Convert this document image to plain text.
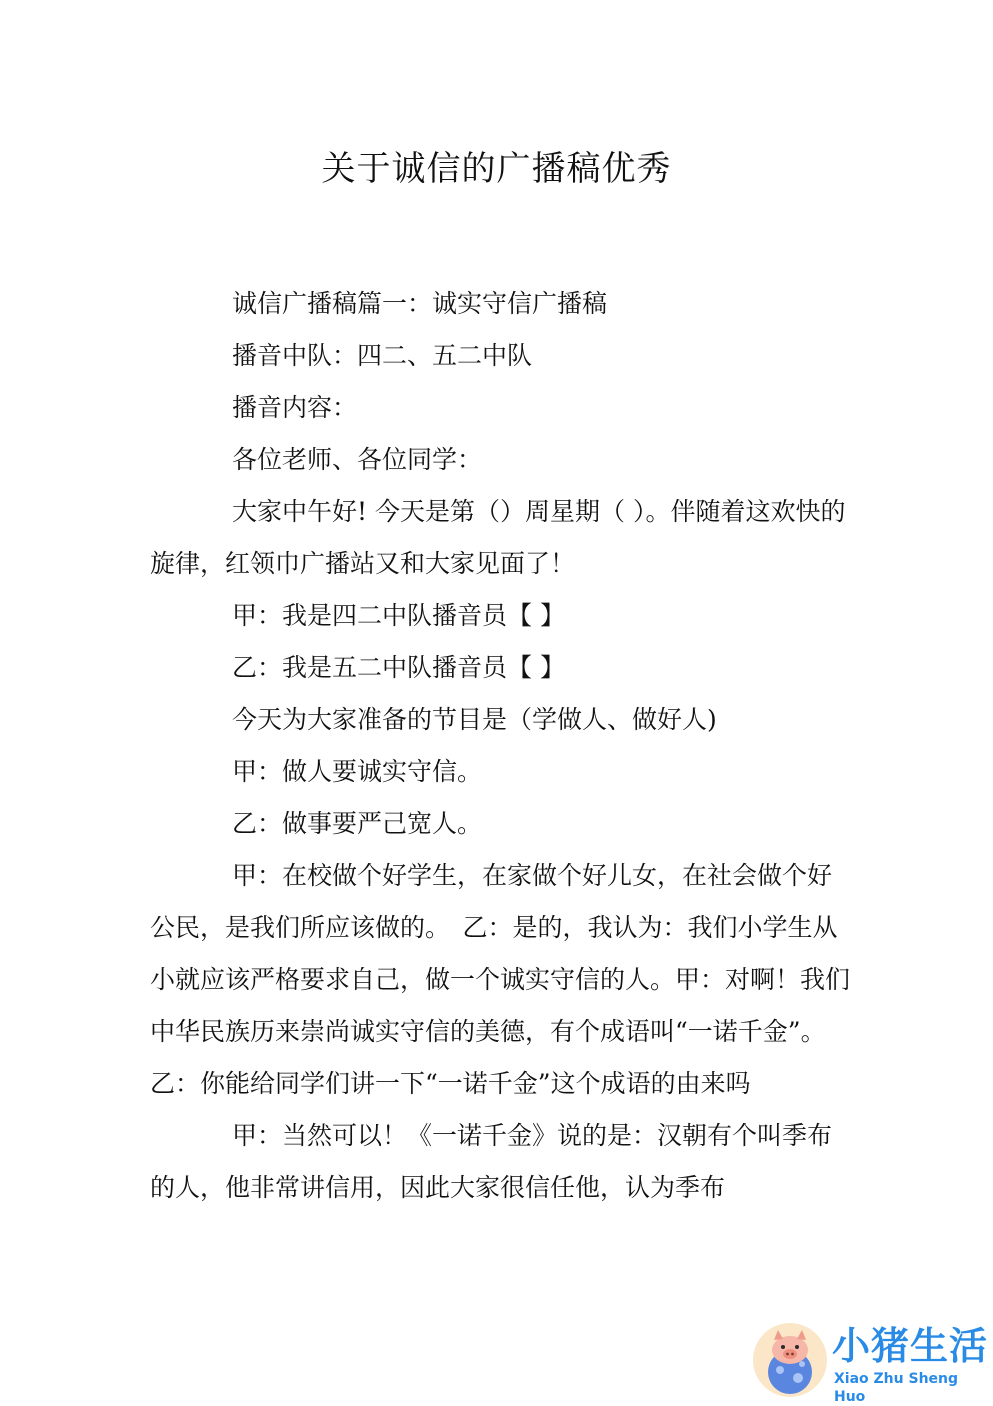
关于诚信的广播稿优秀

诚信广播稿篇一：诚实守信广播稿

播音中队：四二、五二中队

播音内容：

各位老师、各位同学：

大家中午好! 今天是第（）周星期（ ）。伴随着这欢快的旋律，红领巾广播站又和大家见面了！

甲：我是四二中队播音员【 】

乙：我是五二中队播音员【 】

今天为大家准备的节目是（学做人、做好人)

甲：做人要诚实守信。

乙：做事要严己宽人。

甲：在校做个好学生，在家做个好儿女，在社会做个好公民，是我们所应该做的。　乙：是的，我认为：我们小学生从小就应该严格要求自己，做一个诚实守信的人。甲：对啊！我们中华民族历来崇尚诚实守信的美德，有个成语叫“一诺千金”。　乙：你能给同学们讲一下“一诺千金”这个成语的由来吗

甲：当然可以！《一诺千金》说的是：汉朝有个叫季布的人，他非常讲信用，因此大家很信任他，认为季布

小猪生活
Xiao Zhu Sheng Huo
